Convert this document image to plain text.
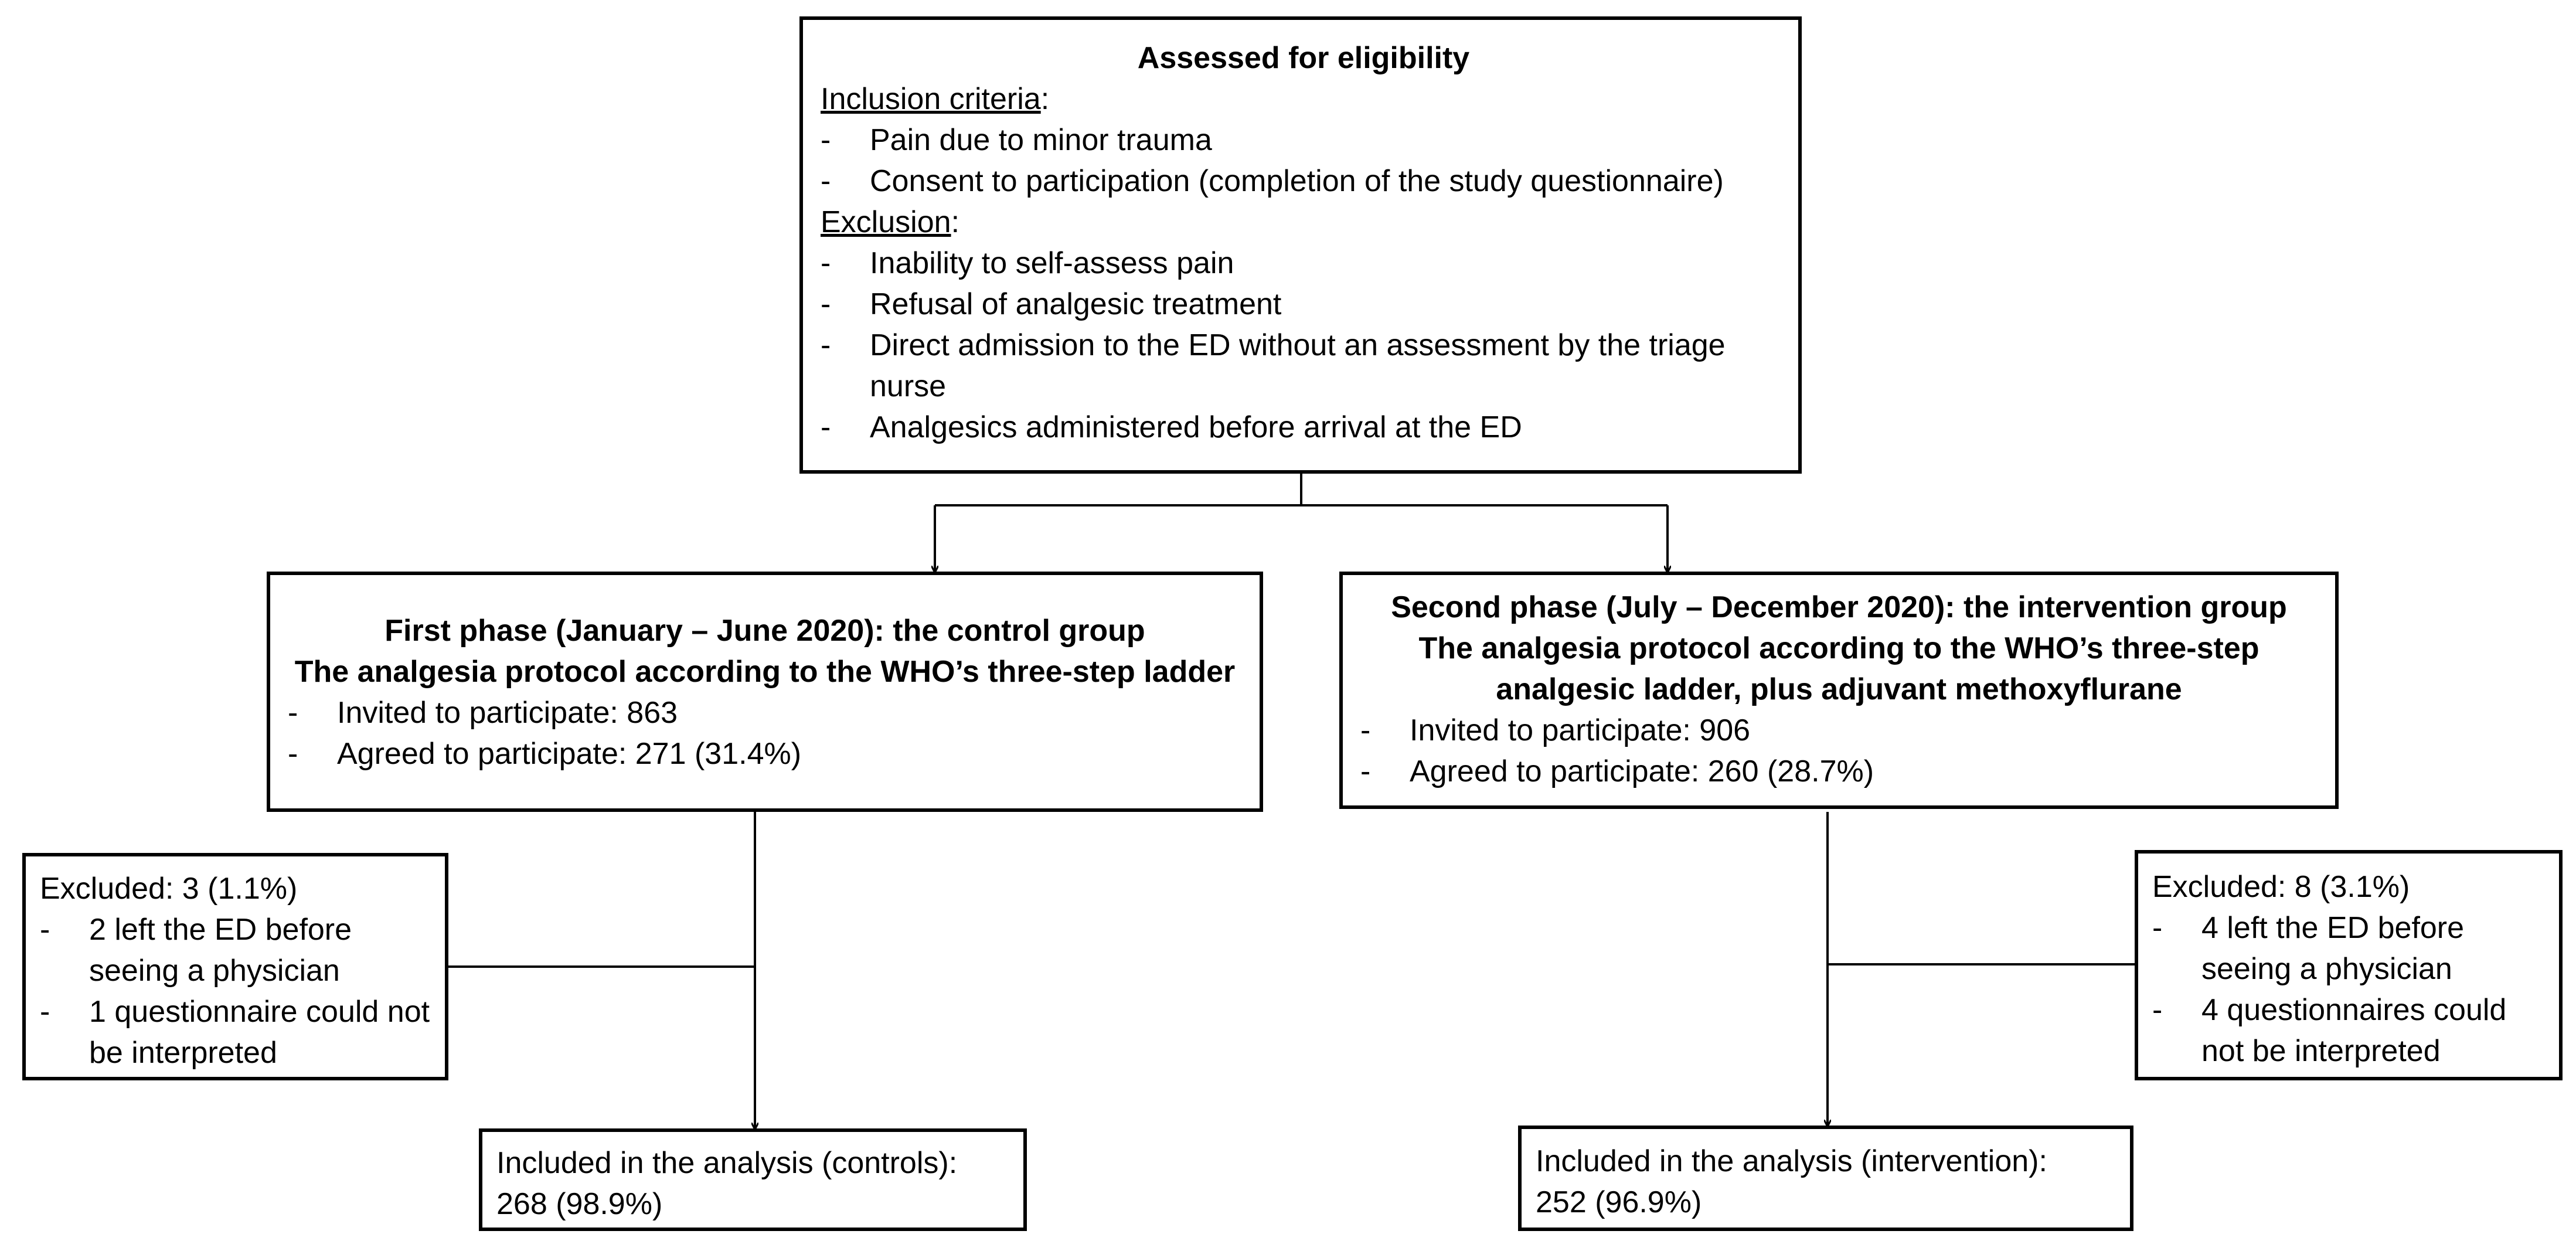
Assessed for eligibility
Inclusion criteria:
- Pain due to minor trauma
- Consent to participation (completion of the study questionnaire)
Exclusion:
- Inability to self-assess pain
- Refusal of analgesic treatment
- Direct admission to the ED without an assessment by the triage nurse
- Analgesics administered before arrival at the ED
First phase (January – June 2020): the control group
The analgesia protocol according to the WHO’s three-step ladder
- Invited to participate: 863
- Agreed to participate: 271 (31.4%)
Second phase (July – December 2020): the intervention group
The analgesia protocol according to the WHO’s three-step analgesic ladder, plus adjuvant methoxyflurane
- Invited to participate: 906
- Agreed to participate: 260 (28.7%)
Excluded: 3 (1.1%)
- 2 left the ED before seeing a physician
- 1 questionnaire could not be interpreted
Excluded: 8 (3.1%)
- 4 left the ED before seeing a physician
- 4 questionnaires could not be interpreted
Included in the analysis (controls):
268 (98.9%)
Included in the analysis (intervention):
252 (96.9%)
